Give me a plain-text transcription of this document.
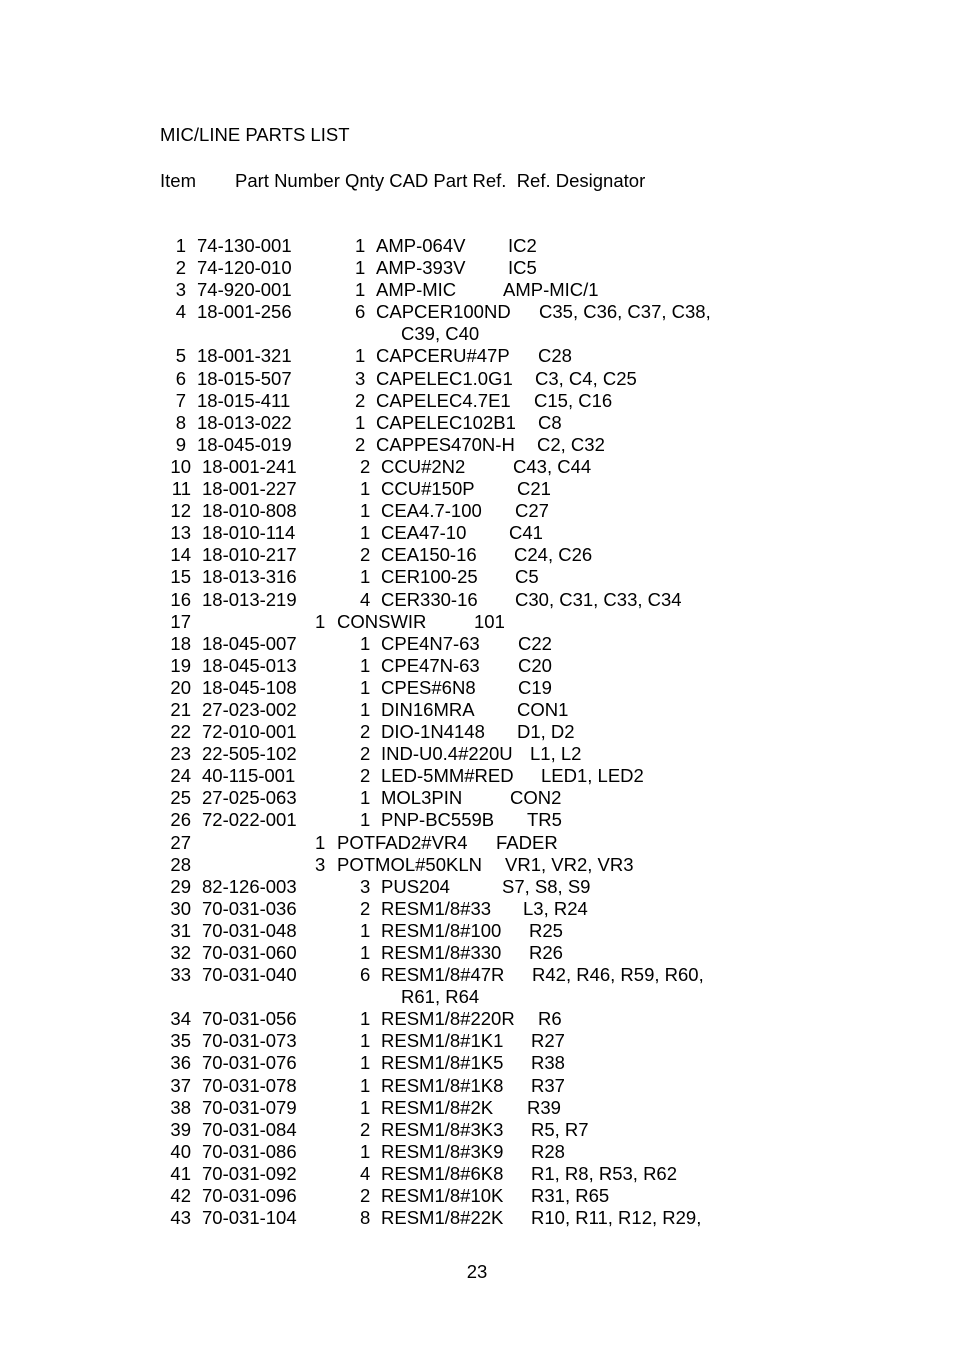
MIC/LINE PARTS LIST
Item Part Number Qnty CAD Part Ref.  Ref. Designator
1 74-130-001	1 AMP-064V IC2
2 74-120-010	1 AMP-393V IC5
3 74-920-001	1 AMP-MIC	AMP-MIC/1
4 18-001-256	6 CAPCER100ND C35, C36, C37, C38,
C39, C40
5 18-001-321	1 CAPCERU#47P C28
6 18-015-507	3 CAPELEC1.0G1 C3, C4, C25
7 18-015-411	2 CAPELEC4.7E1 C15, C16
8 18-013-022	1 CAPELEC102B1 C8
9 18-045-019	2 CAPPES470N-H C2, C32
10 18-001-241	2 CCU#2N2	C43, C44
11 18-001-227	1 CCU#150P C21
12 18-010-808	1 CEA4.7-100 C27
13 18-010-114	1 CEA47-10 C41
14 18-010-217	2 CEA150-16 C24, C26
15 18-013-316	1 CER100-25 C5
16 18-013-219	4 CER330-16 C30, C31, C33, C34
17	1 CONSWIR	101
18 18-045-007	1 CPE4N7-63 C22
19 18-045-013	1 CPE47N-63 C20
20 18-045-108	1 CPES#6N8 C19
21 27-023-002	1 DIN16MRA CON1
22 72-010-001	2 DIO-1N4148 D1, D2
23 22-505-102	2 IND-U0.4#220U L1, L2
24 40-115-001	2 LED-5MM#RED LED1, LED2
25 27-025-063	1 MOL3PIN	CON2
26 72-022-001	1 PNP-BC559B TR5
27	1 POTFAD2#VR4 FADER
28	3 POTMOL#50KLN VR1, VR2, VR3
29 82-126-003	3 PUS204	S7, S8, S9
30 70-031-036	2 RESM1/8#33 L3, R24
31 70-031-048	1 RESM1/8#100 R25
32 70-031-060	1 RESM1/8#330 R26
33 70-031-040	6 RESM1/8#47R R42, R46, R59, R60,
R61, R64
34 70-031-056	1 RESM1/8#220R R6
35 70-031-073	1 RESM1/8#1K1 R27
36 70-031-076	1 RESM1/8#1K5 R38
37 70-031-078	1 RESM1/8#1K8 R37
38 70-031-079	1 RESM1/8#2K R39
39 70-031-084	2 RESM1/8#3K3 R5, R7
40 70-031-086	1 RESM1/8#3K9 R28
41 70-031-092	4 RESM1/8#6K8 R1, R8, R53, R62
42 70-031-096	2 RESM1/8#10K R31, R65
43 70-031-104	8 RESM1/8#22K R10, R11, R12, R29,
23
